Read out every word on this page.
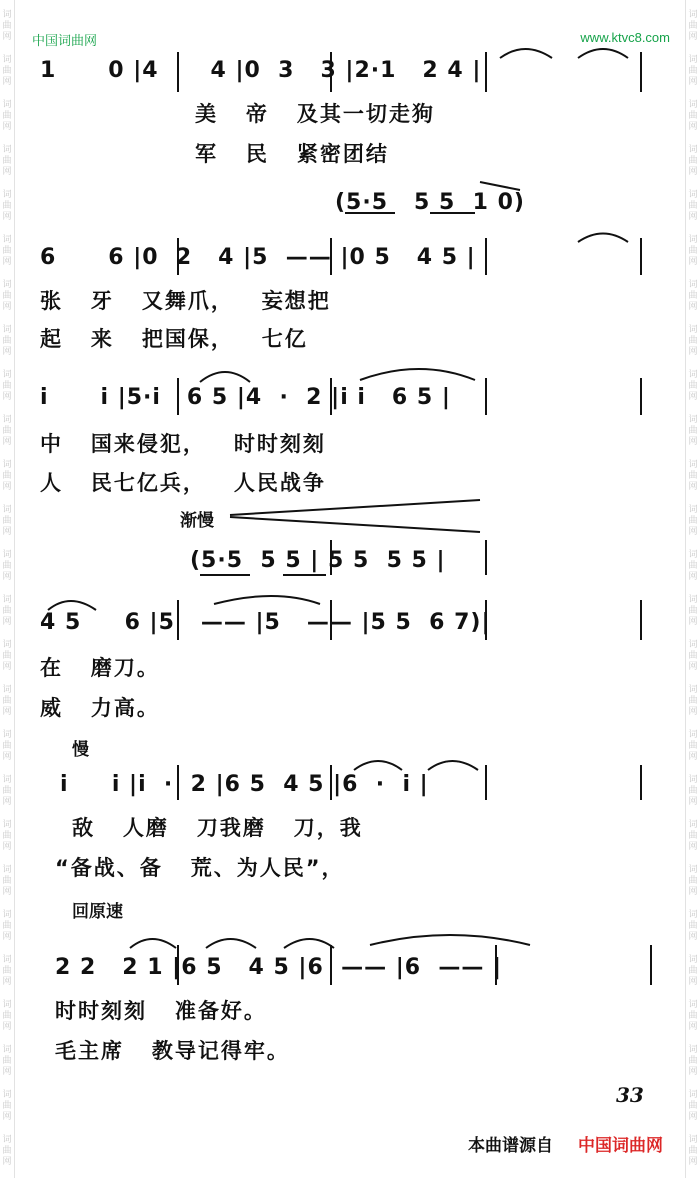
词
曲
网
词
曲
网
词
曲
网
词
曲
网
词
曲
网
词
曲
网
词
曲
网
词
曲
网
词
曲
网
词
曲
网
词
曲
网
词
曲
网
词
曲
网
词
曲
网
词
曲
网
词
曲
网
词
曲
网
词
曲
网
词
曲
网
词
曲
网
词
曲
网
词
曲
网
词
曲
网
词
曲
网
词
曲
网
词
曲
网
词
曲
网
词
曲
网
词
曲
网
词
曲
网
词
曲
网
词
曲
网
词
曲
网
词
曲
网
词
曲
网
词
曲
网
词
曲
网
词
曲
网
词
曲
网
词
曲
网
词
曲
网
词
曲
网
词
曲
网
词
曲
网
词
曲
网
词
曲
网
词
曲
网
词
曲
网
词
曲
网
词
曲
网
词
曲
网
词
曲
网
中国词曲网	www.ktvc8.com
1      0 |4      4 |0  3   3 |2·1   2 4 |
美   帝   及其一切走狗
军   民   紧密团结
(5·5   5 5  1 0)
6      6 |0  2   4 |5  —— |0 5   4 5 |
张   牙   又舞爪，   妄想把
起   来   把国保，   七亿
i      i |5·i   6 5 |4  ·  2 |i i   6 5 |
中   国来侵犯，   时时刻刻
人   民七亿兵，   人民战争
渐慢
(5·5  5 5 | 5 5  5 5 |
4 5     6 |5   —— |5   —— |5 5  6 7)|
在   磨刀。
威   力高。
慢
i     i |i  ·  2 |6 5  4 5 |6  ·  i |
敌   人磨   刀我磨   刀，我
“备战、备   荒、为人民”，
回原速
2 2   2 1 |6 5   4 5 |6  —— |6  —— |
时时刻刻   准备好。
毛主席   教导记得牢。
33
本曲谱源自 中国词曲网
